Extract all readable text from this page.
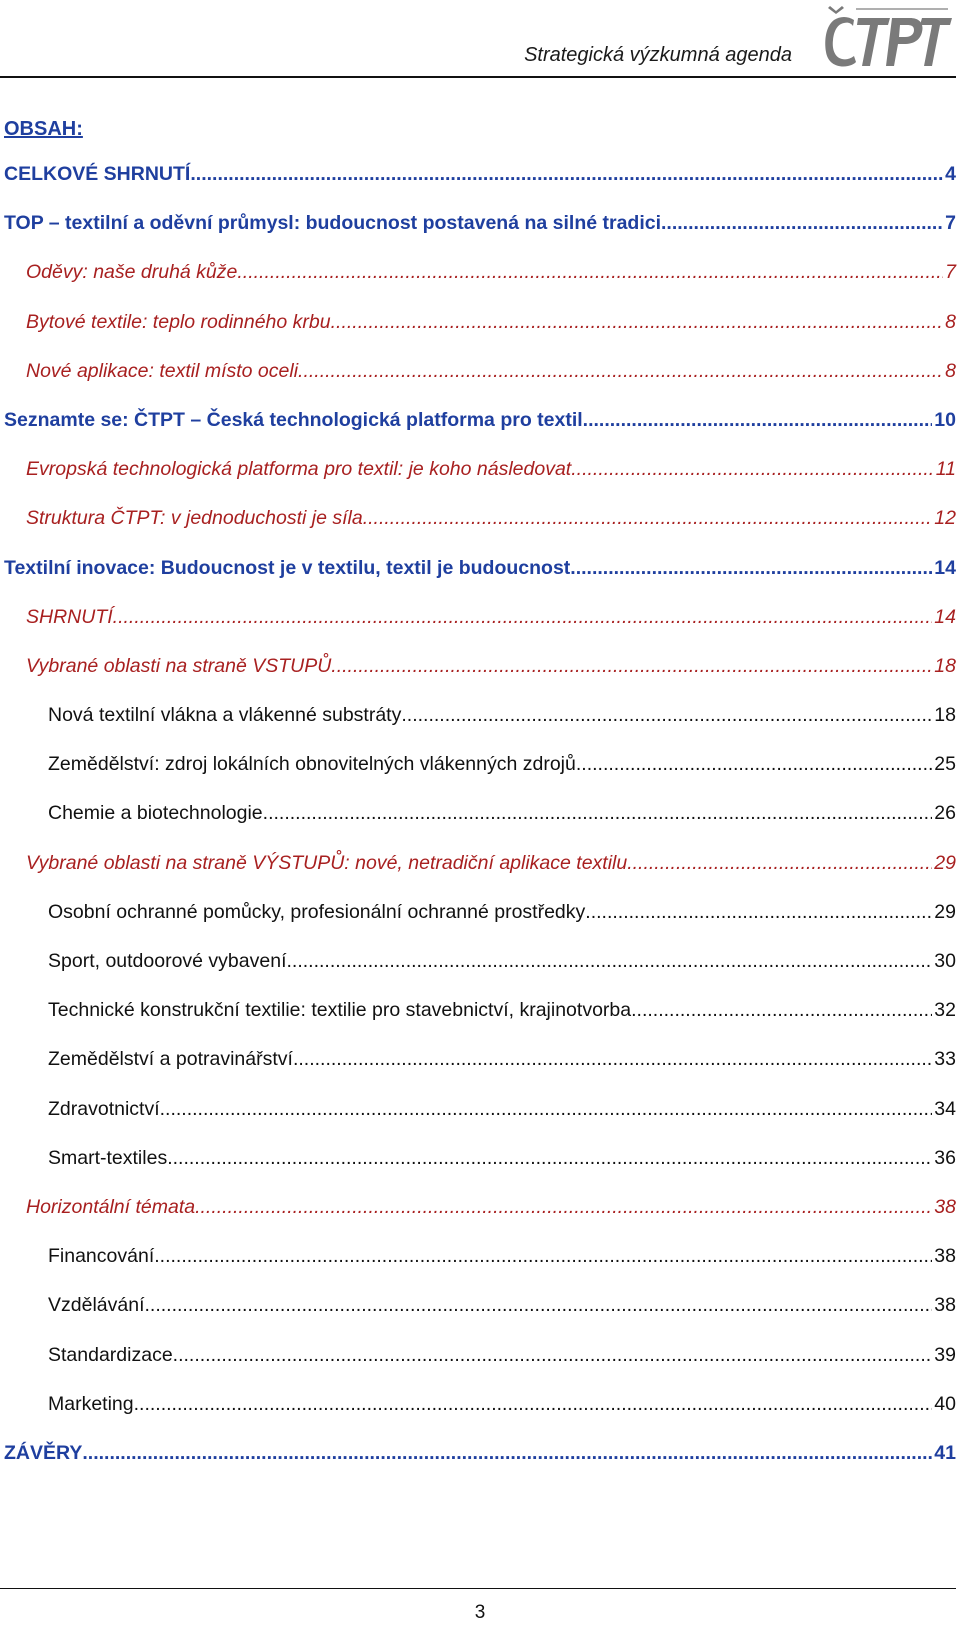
Strategická výzkumná agenda
OBSAH:
CELKOVÉ SHRNUTÍ .....	4
TOP – textilní a oděvní průmysl: budoucnost postavená na silné tradici .....	7
Oděvy: naše druhá kůže .....	7
Bytové textile: teplo rodinného krbu .....	8
Nové aplikace: textil místo oceli .....	8
Seznamte se: ČTPT – Česká technologická platforma pro textil .....	10
Evropská technologická platforma pro textil: je koho následovat .....	11
Struktura ČTPT: v jednoduchosti je síla .....	12
Textilní inovace: Budoucnost je v textilu, textil je budoucnost .....	14
SHRNUTÍ .....	14
Vybrané oblasti na straně VSTUPŮ .....	18
Nová textilní vlákna a vlákenné substráty .....	18
Zemědělství: zdroj lokálních obnovitelných vlákenných zdrojů .....	25
Chemie a biotechnologie .....	26
Vybrané oblasti na straně VÝSTUPŮ: nové, netradiční aplikace textilu .....	29
Osobní ochranné pomůcky, profesionální ochranné prostředky .....	29
Sport, outdoorové vybavení .....	30
Technické konstrukční textilie: textilie pro stavebnictví, krajinotvorba .....	32
Zemědělství a potravinářství .....	33
Zdravotnictví .....	34
Smart-textiles .....	36
Horizontální témata .....	38
Financování .....	38
Vzdělávání .....	38
Standardizace .....	39
Marketing .....	40
ZÁVĚRY .....	41
3
